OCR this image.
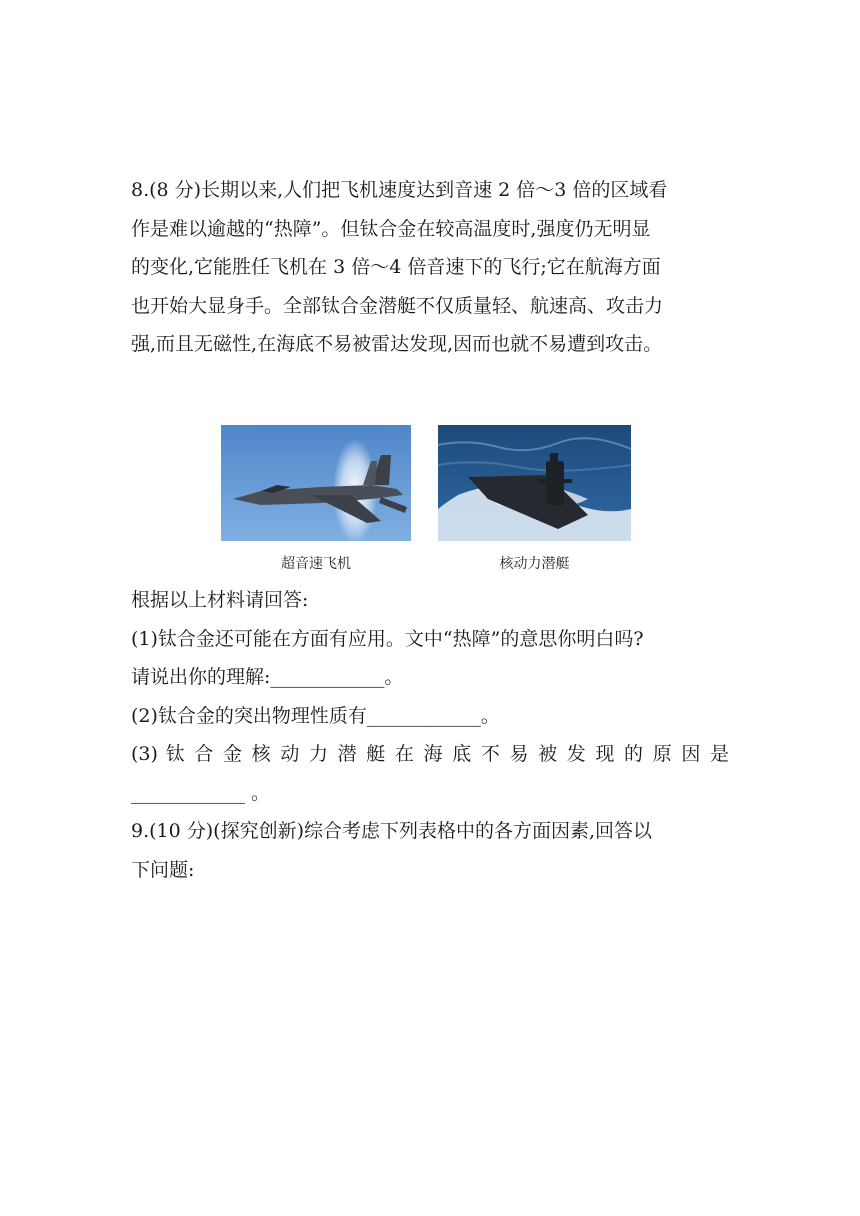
8.(8 分)长期以来,人们把飞机速度达到音速 2 倍～3 倍的区域看
作是难以逾越的“热障”。但钛合金在较高温度时,强度仍无明显
的变化,它能胜任飞机在 3 倍～4 倍音速下的飞行;它在航海方面
也开始大显身手。全部钛合金潜艇不仅质量轻、航速高、攻击力
强,而且无磁性,在海底不易被雷达发现,因而也就不易遭到攻击。
超音速飞机	核动力潜艇
根据以上材料请回答:
(1)钛合金还可能在方面有应用。文中“热障”的意思你明白吗?
请说出你的理解:____________。
(2)钛合金的突出物理性质有____________。
(3) 钛 合 金 核 动 力 潜 艇 在 海 底 不 易 被 发 现 的 原 因 是
____________ 。
9.(10 分)(探究创新)综合考虑下列表格中的各方面因素,回答以
下问题:
